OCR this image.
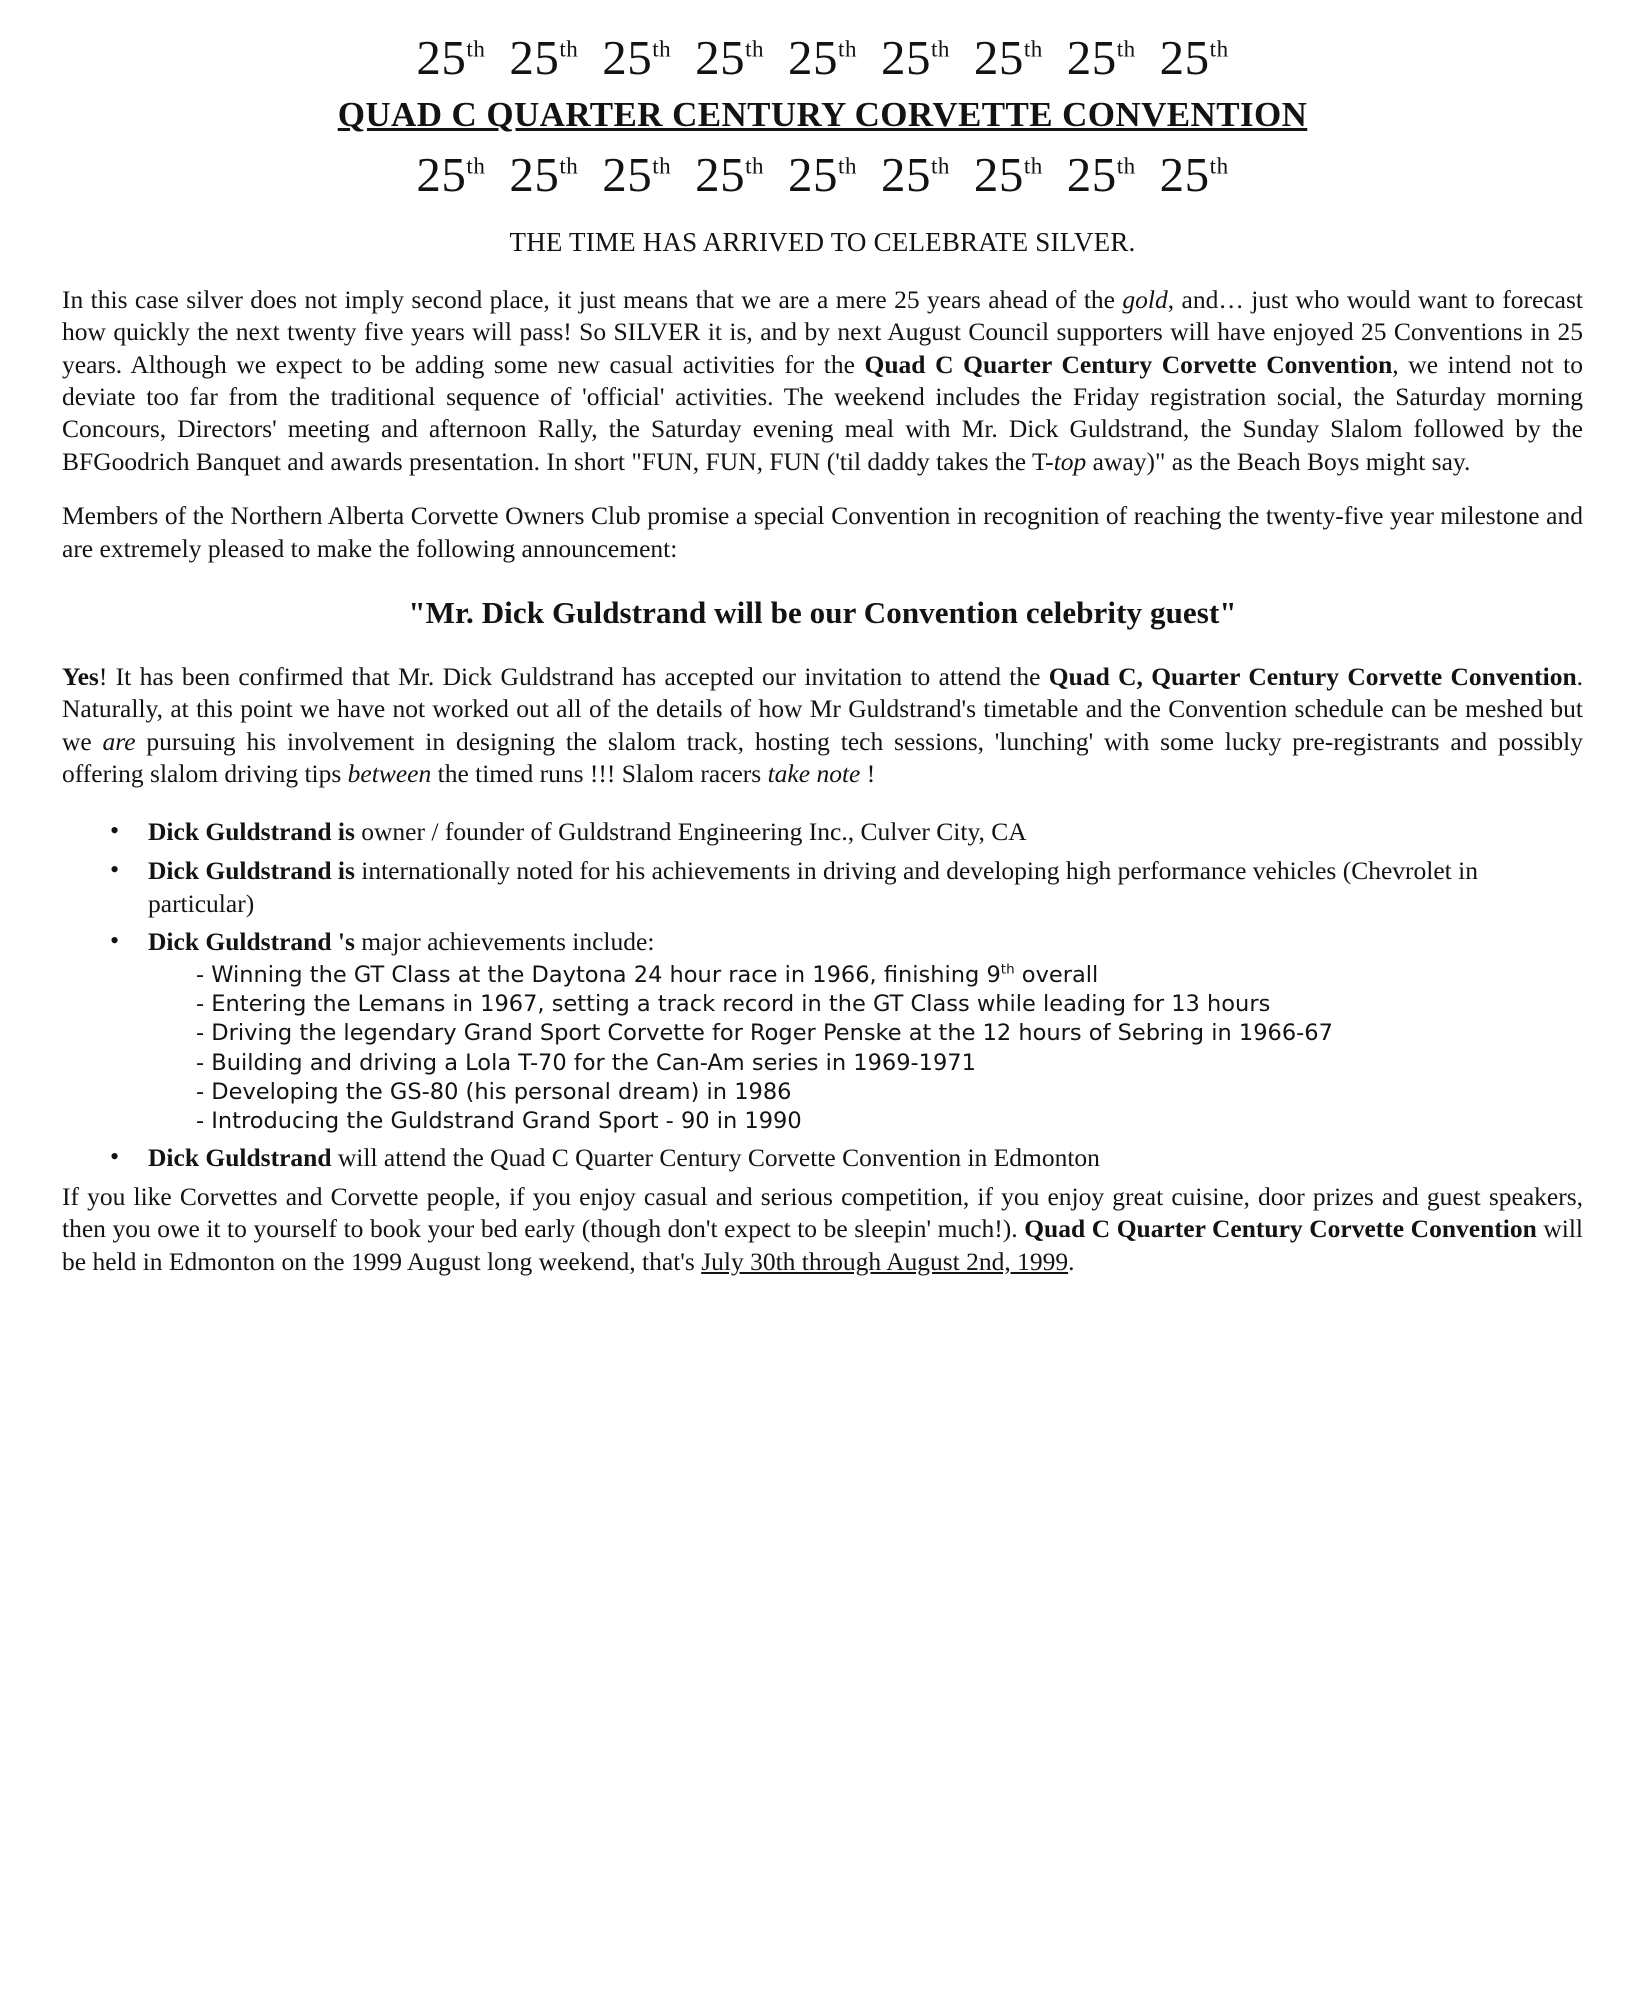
25th 25th 25th 25th 25th 25th 25th 25th 25th
QUAD C QUARTER CENTURY CORVETTE CONVENTION
25th 25th 25th 25th 25th 25th 25th 25th 25th
THE TIME HAS ARRIVED TO CELEBRATE SILVER.

In this case silver does not imply second place, it just means that we are a mere 25 years ahead of the gold, and… just who would want to forecast how quickly the next twenty five years will pass! So SILVER it is, and by next August Council supporters will have enjoyed 25 Conventions in 25 years. Although we expect to be adding some new casual activities for the Quad C Quarter Century Corvette Convention, we intend not to deviate too far from the traditional sequence of 'official' activities. The weekend includes the Friday registration social, the Saturday morning Concours, Directors' meeting and afternoon Rally, the Saturday evening meal with Mr. Dick Guldstrand, the Sunday Slalom followed by the BFGoodrich Banquet and awards presentation. In short "FUN, FUN, FUN ('til daddy takes the T-top away)" as the Beach Boys might say.

Members of the Northern Alberta Corvette Owners Club promise a special Convention in recognition of reaching the twenty-five year milestone and are extremely pleased to make the following announcement:

"Mr. Dick Guldstrand will be our Convention celebrity guest"

Yes! It has been confirmed that Mr. Dick Guldstrand has accepted our invitation to attend the Quad C, Quarter Century Corvette Convention. Naturally, at this point we have not worked out all of the details of how Mr Guldstrand's timetable and the Convention schedule can be meshed but we are pursuing his involvement in designing the slalom track, hosting tech sessions, 'lunching' with some lucky pre-registrants and possibly offering slalom driving tips between the timed runs !!! Slalom racers take note !

• Dick Guldstrand is owner / founder of Guldstrand Engineering Inc., Culver City, CA
• Dick Guldstrand is internationally noted for his achievements in driving and developing high performance vehicles (Chevrolet in particular)
• Dick Guldstrand 's major achievements include:
- Winning the GT Class at the Daytona 24 hour race in 1966, finishing 9th overall
- Entering the Lemans in 1967, setting a track record in the GT Class while leading for 13 hours
- Driving the legendary Grand Sport Corvette for Roger Penske at the 12 hours of Sebring in 1966-67
- Building and driving a Lola T-70 for the Can-Am series in 1969-1971
- Developing the GS-80 (his personal dream) in 1986
- Introducing the Guldstrand Grand Sport - 90 in 1990
• Dick Guldstrand will attend the Quad C Quarter Century Corvette Convention in Edmonton

If you like Corvettes and Corvette people, if you enjoy casual and serious competition, if you enjoy great cuisine, door prizes and guest speakers, then you owe it to yourself to book your bed early (though don't expect to be sleepin' much!). Quad C Quarter Century Corvette Convention will be held in Edmonton on the 1999 August long weekend, that's July 30th through August 2nd, 1999.
